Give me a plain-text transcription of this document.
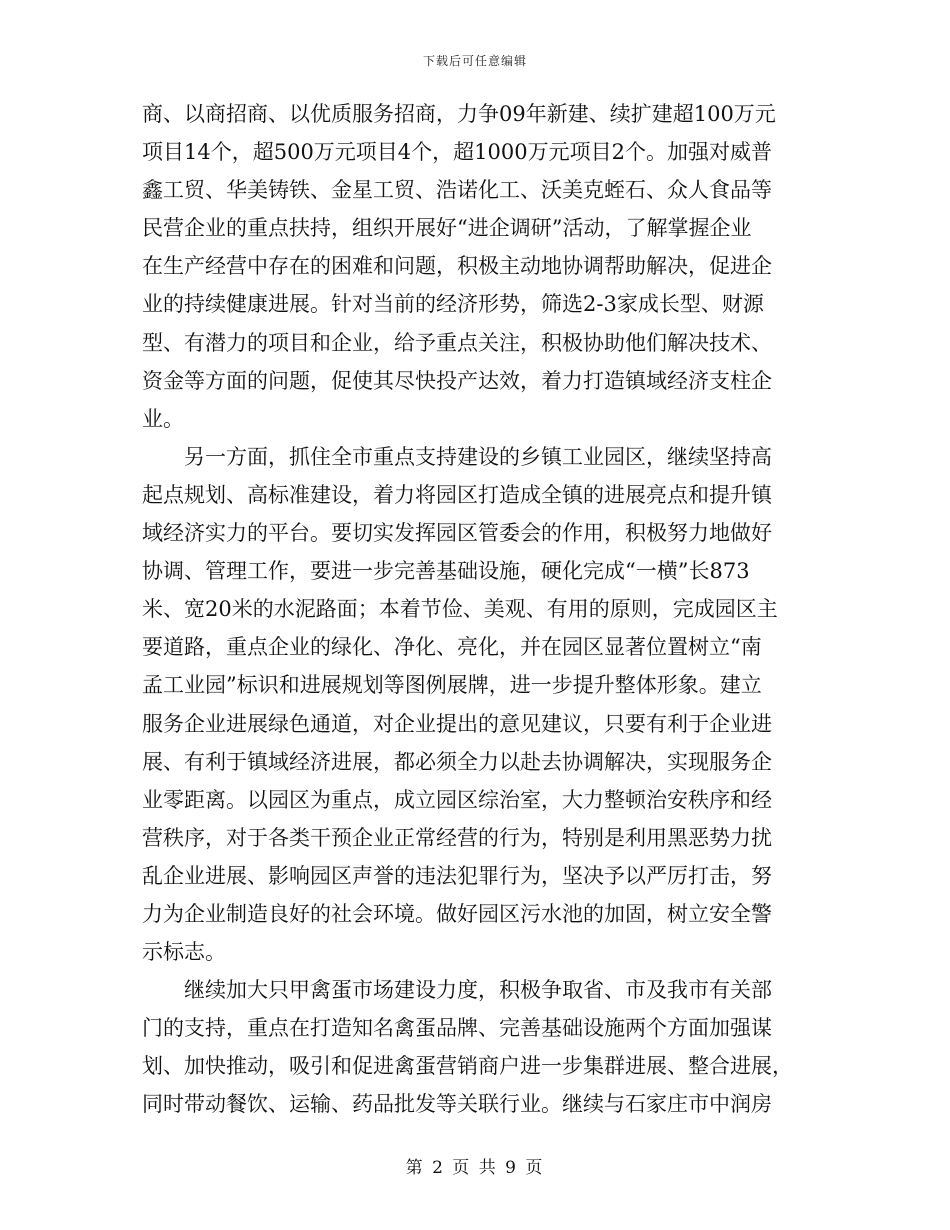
下载后可任意编辑
商、以商招商、以优质服务招商，力争09年新建、续扩建超100万元
项目14个，超500万元项目4个，超1000万元项目2个。加强对威普
鑫工贸、华美铸铁、金星工贸、浩诺化工、沃美克蛭石、众人食品等
民营企业的重点扶持，组织开展好“进企调研”活动，了解掌握企业
在生产经营中存在的困难和问题，积极主动地协调帮助解决，促进企
业的持续健康进展。针对当前的经济形势，筛选2-3家成长型、财源
型、有潜力的项目和企业，给予重点关注，积极协助他们解决技术、
资金等方面的问题，促使其尽快投产达效，着力打造镇域经济支柱企
业。
另一方面，抓住全市重点支持建设的乡镇工业园区，继续坚持高
起点规划、高标准建设，着力将园区打造成全镇的进展亮点和提升镇
域经济实力的平台。要切实发挥园区管委会的作用，积极努力地做好
协调、管理工作，要进一步完善基础设施，硬化完成“一横”长873
米、宽20米的水泥路面；本着节俭、美观、有用的原则，完成园区主
要道路，重点企业的绿化、净化、亮化，并在园区显著位置树立“南
孟工业园”标识和进展规划等图例展牌，进一步提升整体形象。建立
服务企业进展绿色通道，对企业提出的意见建议，只要有利于企业进
展、有利于镇域经济进展，都必须全力以赴去协调解决，实现服务企
业零距离。以园区为重点，成立园区综治室，大力整顿治安秩序和经
营秩序，对于各类干预企业正常经营的行为，特别是利用黑恶势力扰
乱企业进展、影响园区声誉的违法犯罪行为，坚决予以严厉打击，努
力为企业制造良好的社会环境。做好园区污水池的加固，树立安全警
示标志。
继续加大只甲禽蛋市场建设力度，积极争取省、市及我市有关部
门的支持，重点在打造知名禽蛋品牌、完善基础设施两个方面加强谋
划、加快推动，吸引和促进禽蛋营销商户进一步集群进展、整合进展，
同时带动餐饮、运输、药品批发等关联行业。继续与石家庄市中润房
第 2 页 共 9 页
